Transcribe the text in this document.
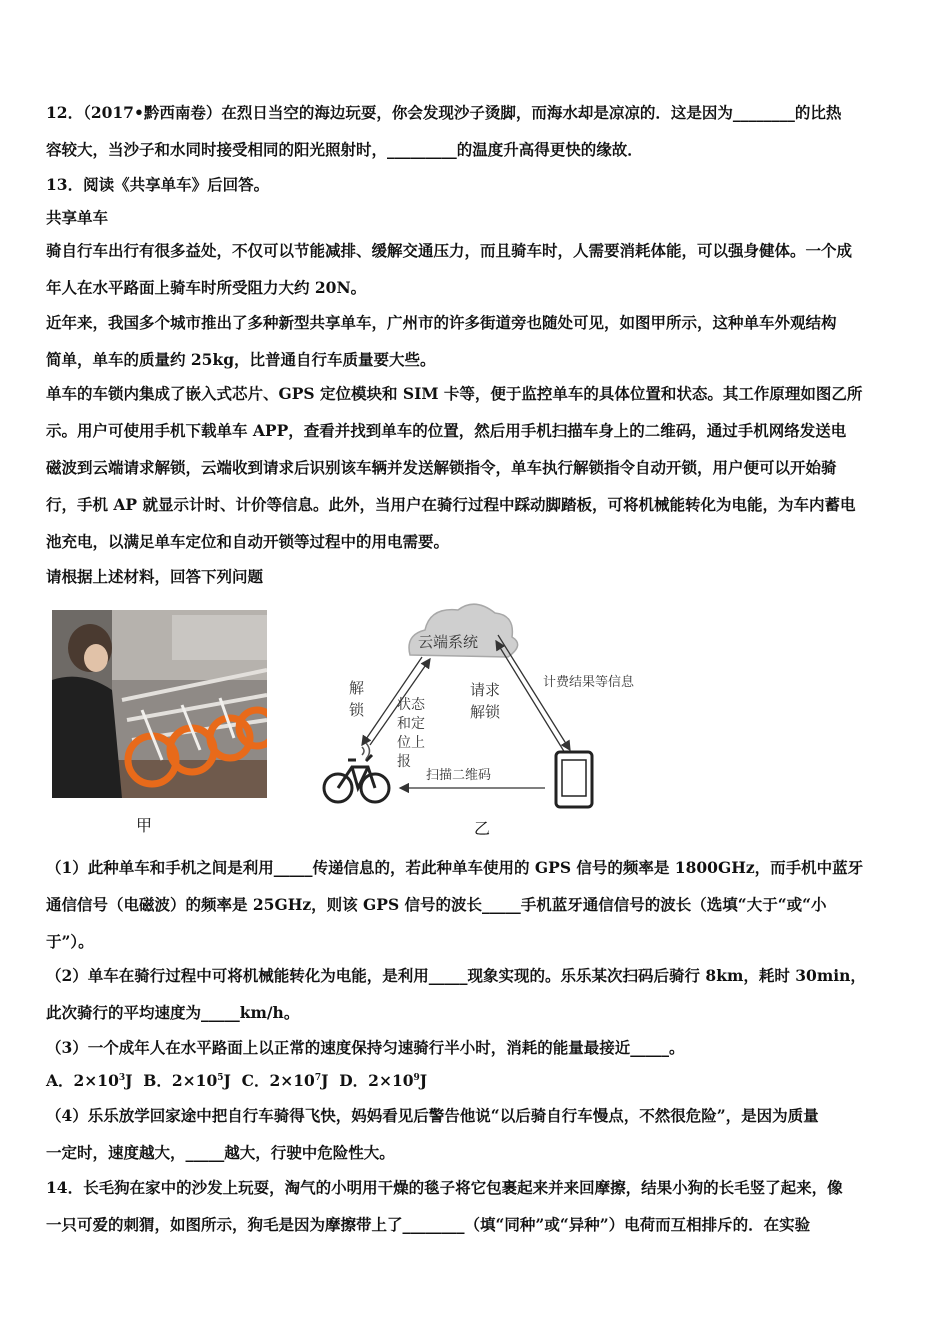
12．（2017•黔西南卷）在烈日当空的海边玩耍，你会发现沙子烫脚，而海水却是凉凉的．这是因为________的比热
容较大，当沙子和水同时接受相同的阳光照射时，_________的温度升高得更快的缘故．
13．阅读《共享单车》后回答。
共享单车
骑自行车出行有很多益处，不仅可以节能减排、缓解交通压力，而且骑车时，人需要消耗体能，可以强身健体。一个成
年人在水平路面上骑车时所受阻力大约 20N。
近年来，我国多个城市推出了多种新型共享单车，广州市的许多街道旁也随处可见，如图甲所示，这种单车外观结构
简单，单车的质量约 25kg，比普通自行车质量要大些。
单车的车锁内集成了嵌入式芯片、GPS 定位模块和 SIM 卡等，便于监控单车的具体位置和状态。其工作原理如图乙所
示。用户可使用手机下载单车 APP，查看并找到单车的位置，然后用手机扫描车身上的二维码，通过手机网络发送电
磁波到云端请求解锁，云端收到请求后识别该车辆并发送解锁指令，单车执行解锁指令自动开锁，用户便可以开始骑
行，手机 AP 就显示计时、计价等信息。此外，当用户在骑行过程中踩动脚踏板，可将机械能转化为电能，为车内蓄电
池充电，以满足单车定位和自动开锁等过程中的用电需要。
请根据上述材料，回答下列问题
甲
云端系统
解
锁 状态
和定
位上
报
请求
解锁
计费结果等信息
扫描二维码
乙
（1）此种单车和手机之间是利用_____传递信息的，若此种单车使用的 GPS 信号的频率是 1800GHz，而手机中蓝牙
通信信号（电磁波）的频率是 25GHz，则该 GPS 信号的波长_____手机蓝牙通信信号的波长（选填“大于“或“小
于”）。
（2）单车在骑行过程中可将机械能转化为电能，是利用_____现象实现的。乐乐某次扫码后骑行 8km，耗时 30min，
此次骑行的平均速度为_____km/h。
（3）一个成年人在水平路面上以正常的速度保持匀速骑行半小时，消耗的能量最接近_____。
A．$2\times 10^3J$ B．$2\times 10^5J$ C．$2\times 10^7J$ D．$2\times 10^9J$
（4）乐乐放学回家途中把自行车骑得飞快，妈妈看见后警告他说“以后骑自行车慢点，不然很危险”，是因为质量
一定时，速度越大，_____越大，行驶中危险性大。
14．长毛狗在家中的沙发上玩耍，淘气的小明用干燥的毯子将它包裹起来并来回摩擦，结果小狗的长毛竖了起来，像
一只可爱的刺猬，如图所示，狗毛是因为摩擦带上了________（填“同种”或“异种”）电荷而互相排斥的．在实验
